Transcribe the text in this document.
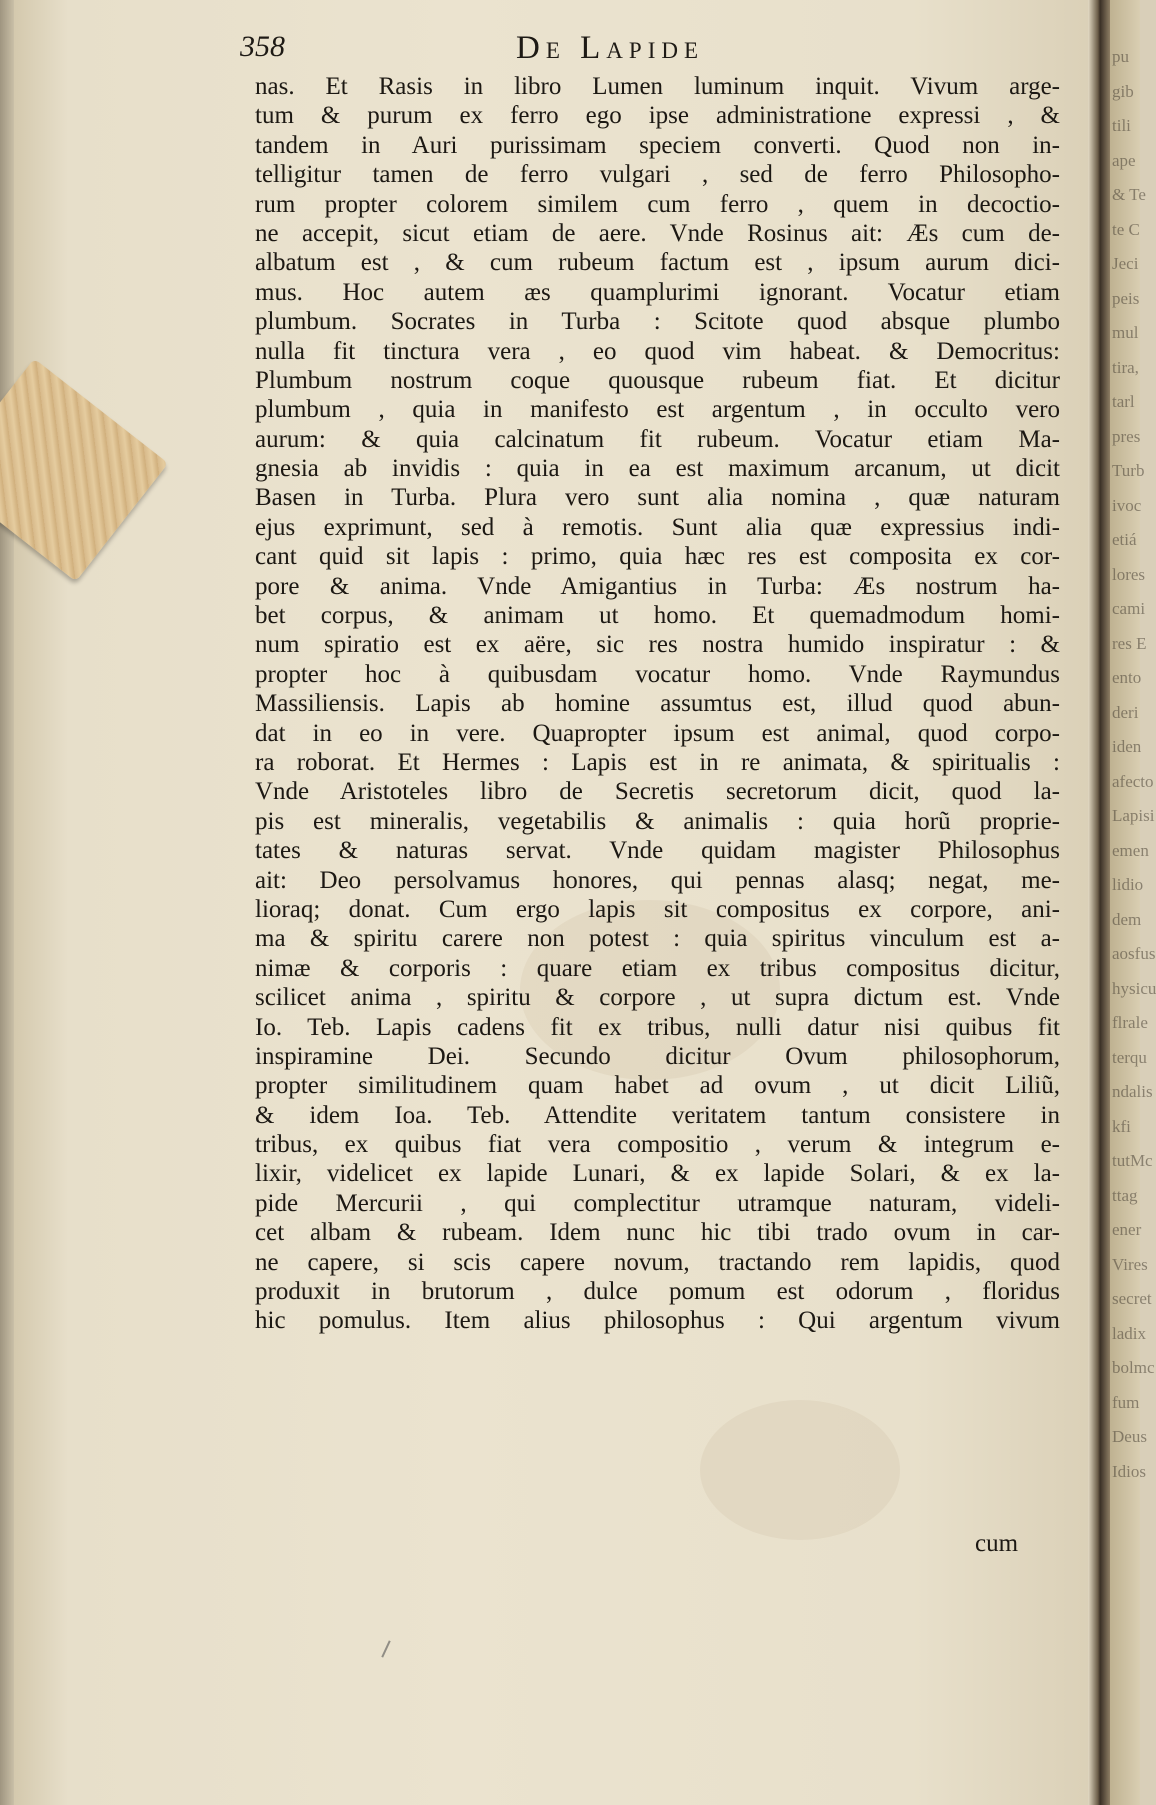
358	De Lapide
nas. Et Rasis in libro Lumen luminum inquit. Vivum arge-
tum & purum ex ferro ego ipse administratione expressi , &
tandem in Auri purissimam speciem converti. Quod non in-
telligitur tamen de ferro vulgari , sed de ferro Philosopho-
rum propter colorem similem cum ferro , quem in decoctio-
ne accepit, sicut etiam de aere. Vnde Rosinus ait: Æs cum de-
albatum est , & cum rubeum factum est , ipsum aurum dici-
mus. Hoc autem æs quamplurimi ignorant. Vocatur etiam
plumbum. Socrates in Turba : Scitote quod absque plumbo
nulla fit tinctura vera , eo quod vim habeat. & Democritus:
Plumbum nostrum coque quousque rubeum fiat. Et dicitur
plumbum , quia in manifesto est argentum , in occulto vero
aurum: & quia calcinatum fit rubeum. Vocatur etiam Ma-
gnesia ab invidis : quia in ea est maximum arcanum, ut dicit
Basen in Turba. Plura vero sunt alia nomina , quæ naturam
ejus exprimunt, sed à remotis. Sunt alia quæ expressius indi-
cant quid sit lapis : primo, quia hæc res est composita ex cor-
pore & anima. Vnde Amigantius in Turba: Æs nostrum ha-
bet corpus, & animam ut homo. Et quemadmodum homi-
num spiratio est ex aëre, sic res nostra humido inspiratur : &
propter hoc à quibusdam vocatur homo. Vnde Raymundus
Massiliensis. Lapis ab homine assumtus est, illud quod abun-
dat in eo in vere. Quapropter ipsum est animal, quod corpo-
ra roborat. Et Hermes : Lapis est in re animata, & spiritualis :
Vnde Aristoteles libro de Secretis secretorum dicit, quod la-
pis est mineralis, vegetabilis & animalis : quia horũ proprie-
tates & naturas servat. Vnde quidam magister Philosophus
ait: Deo persolvamus honores, qui pennas alasq; negat, me-
lioraq; donat. Cum ergo lapis sit compositus ex corpore, ani-
ma & spiritu carere non potest : quia spiritus vinculum est a-
nimæ & corporis : quare etiam ex tribus compositus dicitur,
scilicet anima , spiritu & corpore , ut supra dictum est. Vnde
Io. Teb. Lapis cadens fit ex tribus, nulli datur nisi quibus fit
inspiramine Dei. Secundo dicitur Ovum philosophorum,
propter similitudinem quam habet ad ovum , ut dicit Liliũ,
& idem Ioa. Teb. Attendite veritatem tantum consistere in
tribus, ex quibus fiat vera compositio , verum & integrum e-
lixir, videlicet ex lapide Lunari, & ex lapide Solari, & ex la-
pide Mercurii , qui complectitur utramque naturam, videli-
cet albam & rubeam. Idem nunc hic tibi trado ovum in car-
ne capere, si scis capere novum, tractando rem lapidis, quod
produxit in brutorum , dulce pomum est odorum , floridus
hic pomulus. Item alius philosophus : Qui argentum vivum
cum
pu
gib
tili
ape
& Te
te C
Jeci
peis
mul
tira,
tarl
pres
Turb
ivoc
etiá
lores
cami
res E
ento
deri
iden
afecto
Lapisi
emen
lidio
dem
aosfus
hysicu
flrale
terqu
ndalis
kfi
tutMc
ttag
ener
Vires
secret
ladix
bolmc
fum
Deus
Idios
